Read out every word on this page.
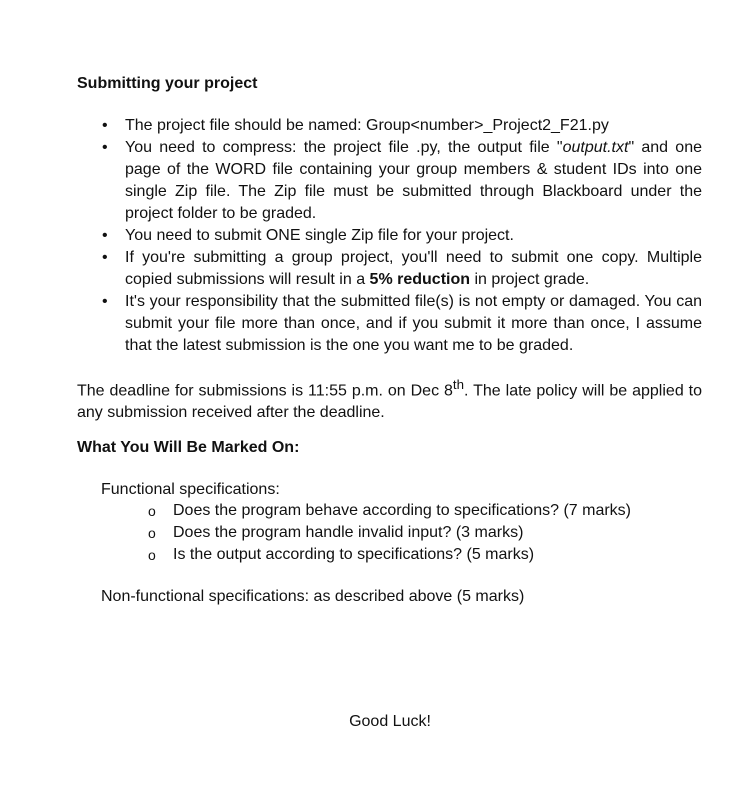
Submitting your project
• The project file should be named: Group<number>_Project2_F21.py
• You need to compress: the project file .py, the output file "output.txt" and one page of the WORD file containing your group members & student IDs into one single Zip file. The Zip file must be submitted through Blackboard under the project folder to be graded.
• You need to submit ONE single Zip file for your project.
• If you're submitting a group project, you'll need to submit one copy. Multiple copied submissions will result in a 5% reduction in project grade.
• It's your responsibility that the submitted file(s) is not empty or damaged. You can submit your file more than once, and if you submit it more than once, I assume that the latest submission is the one you want me to be graded.

The deadline for submissions is 11:55 p.m. on Dec 8th. The late policy will be applied to any submission received after the deadline.

What You Will Be Marked On:

Functional specifications:

o Does the program behave according to specifications? (7 marks)
o Does the program handle invalid input? (3 marks)
o Is the output according to specifications? (5 marks)

Non-functional specifications: as described above (5 marks)

Good Luck!
